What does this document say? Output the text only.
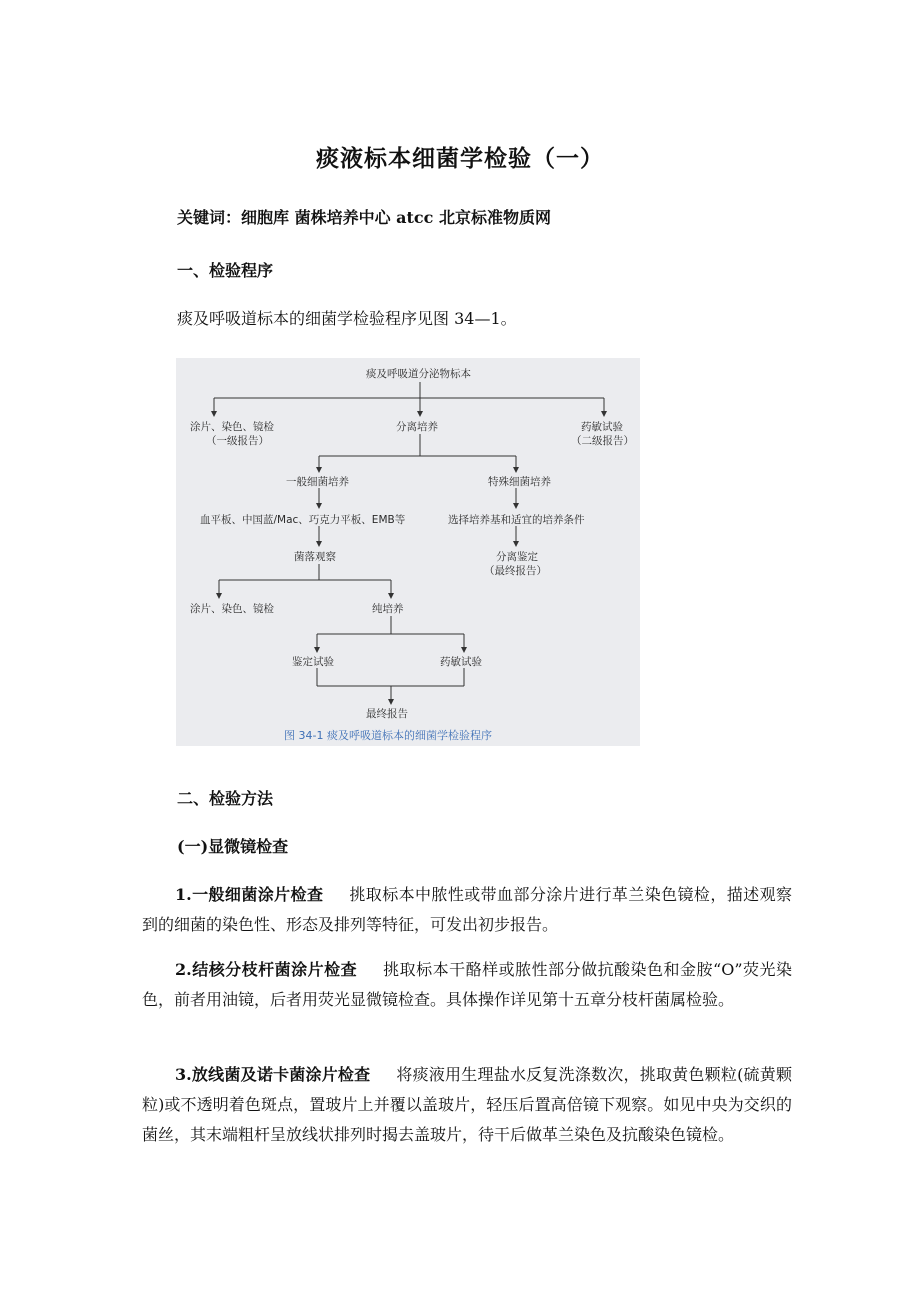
痰液标本细菌学检验（一）
关键词：细胞库 菌株培养中心 atcc 北京标准物质网
一、检验程序
痰及呼吸道标本的细菌学检验程序见图 34—1。
痰及呼吸道分泌物标本
涂片、染色、镜检
（一级报告）
分离培养	药敏试验
（二级报告）
一般细菌培养	特殊细菌培养
血平板、中国蓝/Mac、巧克力平板、EMB等	选择培养基和适宜的培养条件
菌落观察	分离鉴定
（最终报告）
涂片、染色、镜检	纯培养
鉴定试验	药敏试验
最终报告
图 34-1 痰及呼吸道标本的细菌学检验程序
二、检验方法
(一)显微镜检查
1.一般细菌涂片检查 挑取标本中脓性或带血部分涂片进行革兰染色镜检，描述观察到的细菌的染色性、形态及排列等特征，可发出初步报告。
2.结核分枝杆菌涂片检查 挑取标本干酪样或脓性部分做抗酸染色和金胺“O”荧光染色，前者用油镜，后者用荧光显微镜检查。具体操作详见第十五章分枝杆菌属检验。
3.放线菌及诺卡菌涂片检查 将痰液用生理盐水反复洗涤数次，挑取黄色颗粒(硫黄颗粒)或不透明着色斑点，置玻片上并覆以盖玻片，轻压后置高倍镜下观察。如见中央为交织的菌丝，其末端粗杆呈放线状排列时揭去盖玻片，待干后做革兰染色及抗酸染色镜检。
